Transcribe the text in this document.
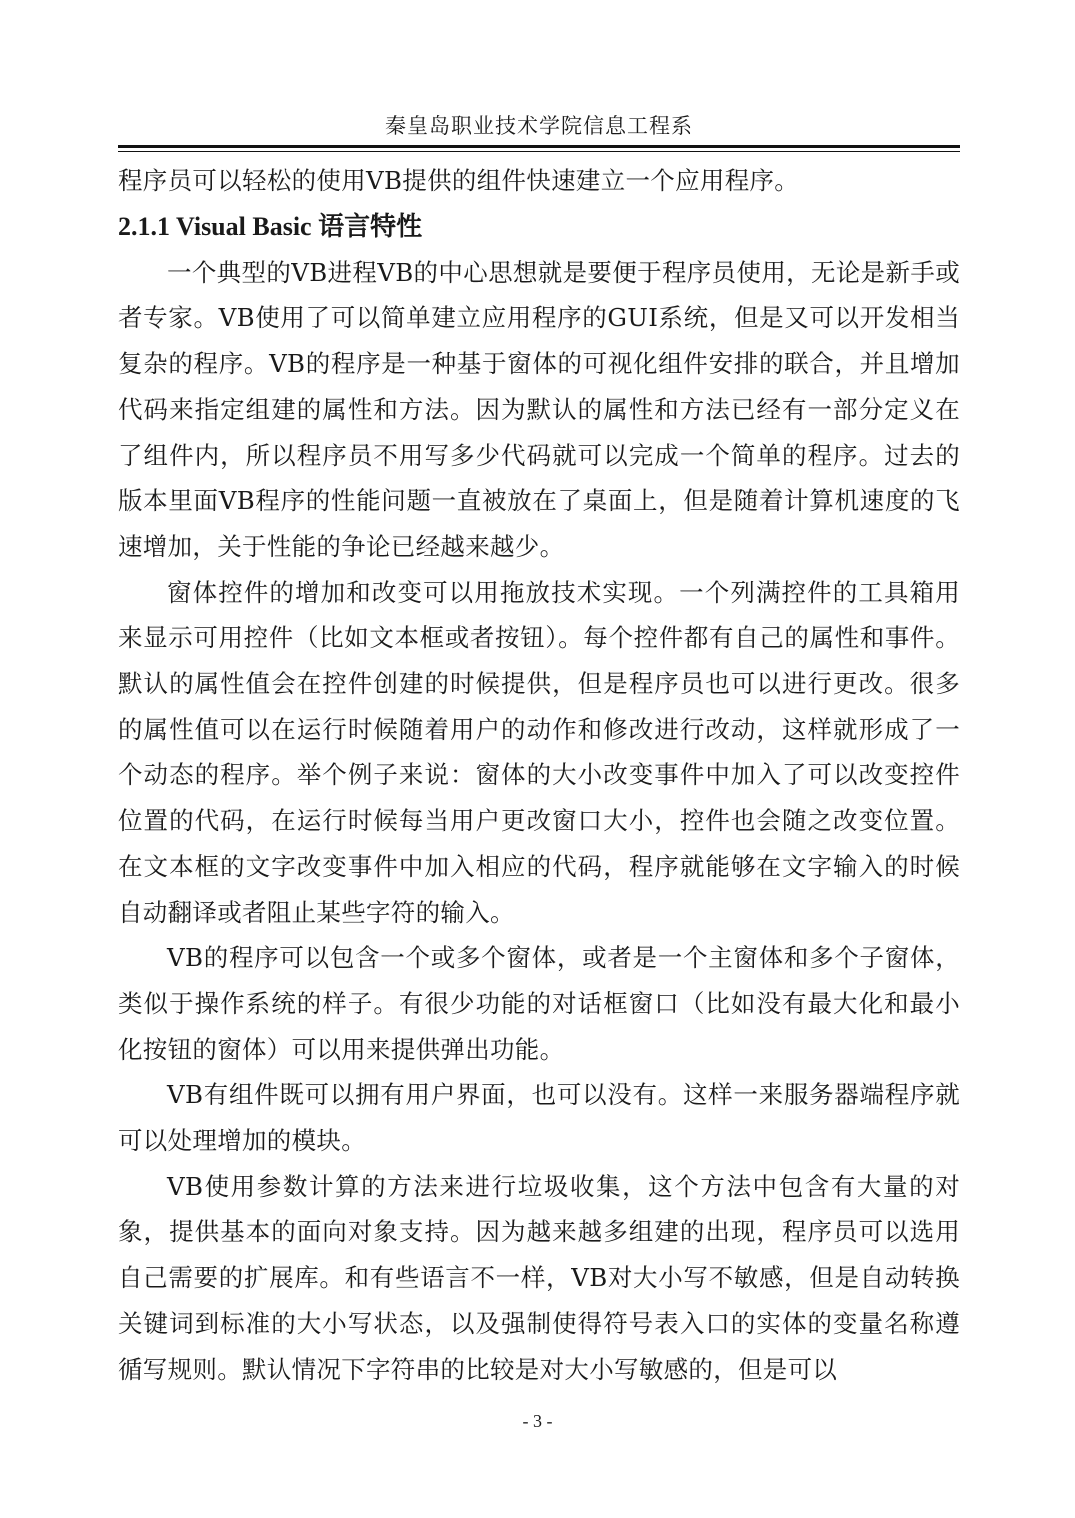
秦皇岛职业技术学院信息工程系

程序员可以轻松的使用VB提供的组件快速建立一个应用程序。

2.1.1 Visual Basic 语言特性

一个典型的VB进程VB的中心思想就是要便于程序员使用，无论是新手或者专家。VB使用了可以简单建立应用程序的GUI系统，但是又可以开发相当复杂的程序。VB的程序是一种基于窗体的可视化组件安排的联合，并且增加代码来指定组建的属性和方法。因为默认的属性和方法已经有一部分定义在了组件内，所以程序员不用写多少代码就可以完成一个简单的程序。过去的版本里面VB程序的性能问题一直被放在了桌面上，但是随着计算机速度的飞速增加，关于性能的争论已经越来越少。

窗体控件的增加和改变可以用拖放技术实现。一个列满控件的工具箱用来显示可用控件（比如文本框或者按钮）。每个控件都有自己的属性和事件。默认的属性值会在控件创建的时候提供，但是程序员也可以进行更改。很多的属性值可以在运行时候随着用户的动作和修改进行改动，这样就形成了一个动态的程序。举个例子来说：窗体的大小改变事件中加入了可以改变控件位置的代码，在运行时候每当用户更改窗口大小，控件也会随之改变位置。在文本框的文字改变事件中加入相应的代码，程序就能够在文字输入的时候自动翻译或者阻止某些字符的输入。

VB的程序可以包含一个或多个窗体，或者是一个主窗体和多个子窗体，类似于操作系统的样子。有很少功能的对话框窗口（比如没有最大化和最小化按钮的窗体）可以用来提供弹出功能。

VB有组件既可以拥有用户界面，也可以没有。这样一来服务器端程序就可以处理增加的模块。

VB使用参数计算的方法来进行垃圾收集，这个方法中包含有大量的对象，提供基本的面向对象支持。因为越来越多组建的出现，程序员可以选用自己需要的扩展库。和有些语言不一样，VB对大小写不敏感，但是自动转换关键词到标准的大小写状态，以及强制使得符号表入口的实体的变量名称遵循写规则。默认情况下字符串的比较是对大小写敏感的，但是可以

- 3 -
